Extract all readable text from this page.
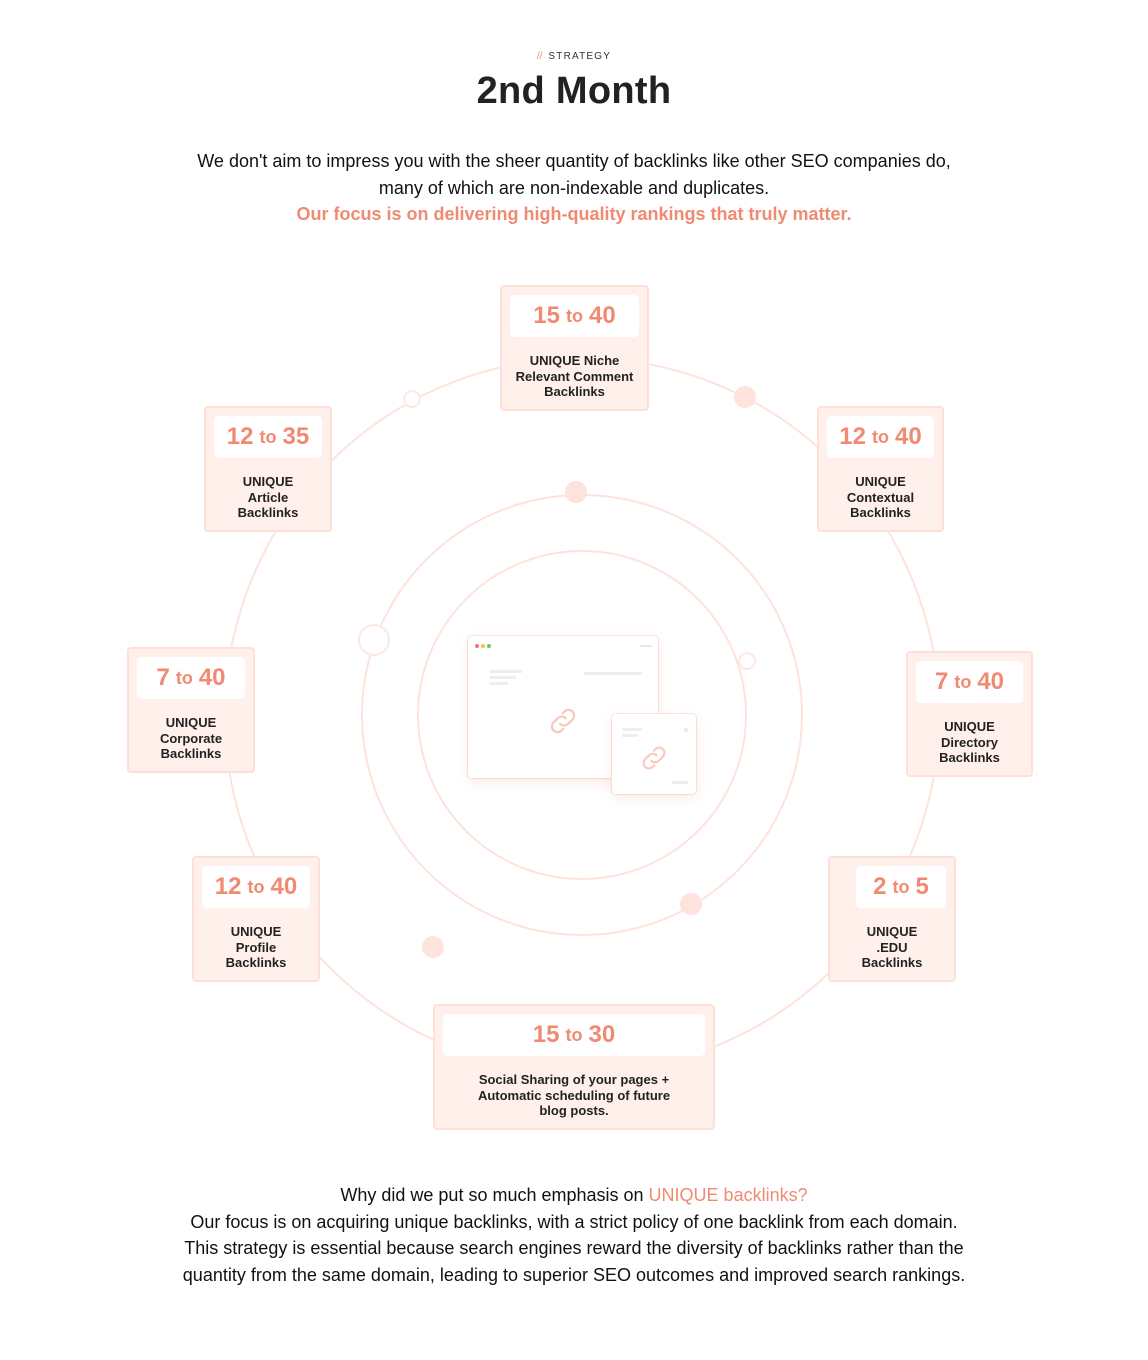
// STRATEGY
2nd Month
We don't aim to impress you with the sheer quantity of backlinks like other SEO companies do, many of which are non-indexable and duplicates.
Our focus is on delivering high-quality rankings that truly matter.
15 to 40
UNIQUE Niche Relevant Comment Backlinks
12 to 40
UNIQUE Contextual Backlinks
7 to 40
UNIQUE Directory Backlinks
2 to 5
UNIQUE .EDU Backlinks
15 to 30
Social Sharing of your pages + Automatic scheduling of future blog posts.
12 to 40
UNIQUE Profile Backlinks
7 to 40
UNIQUE Corporate Backlinks
12 to 35
UNIQUE Article Backlinks
Why did we put so much emphasis on UNIQUE backlinks?
Our focus is on acquiring unique backlinks, with a strict policy of one backlink from each domain. This strategy is essential because search engines reward the diversity of backlinks rather than the quantity from the same domain, leading to superior SEO outcomes and improved search rankings.
